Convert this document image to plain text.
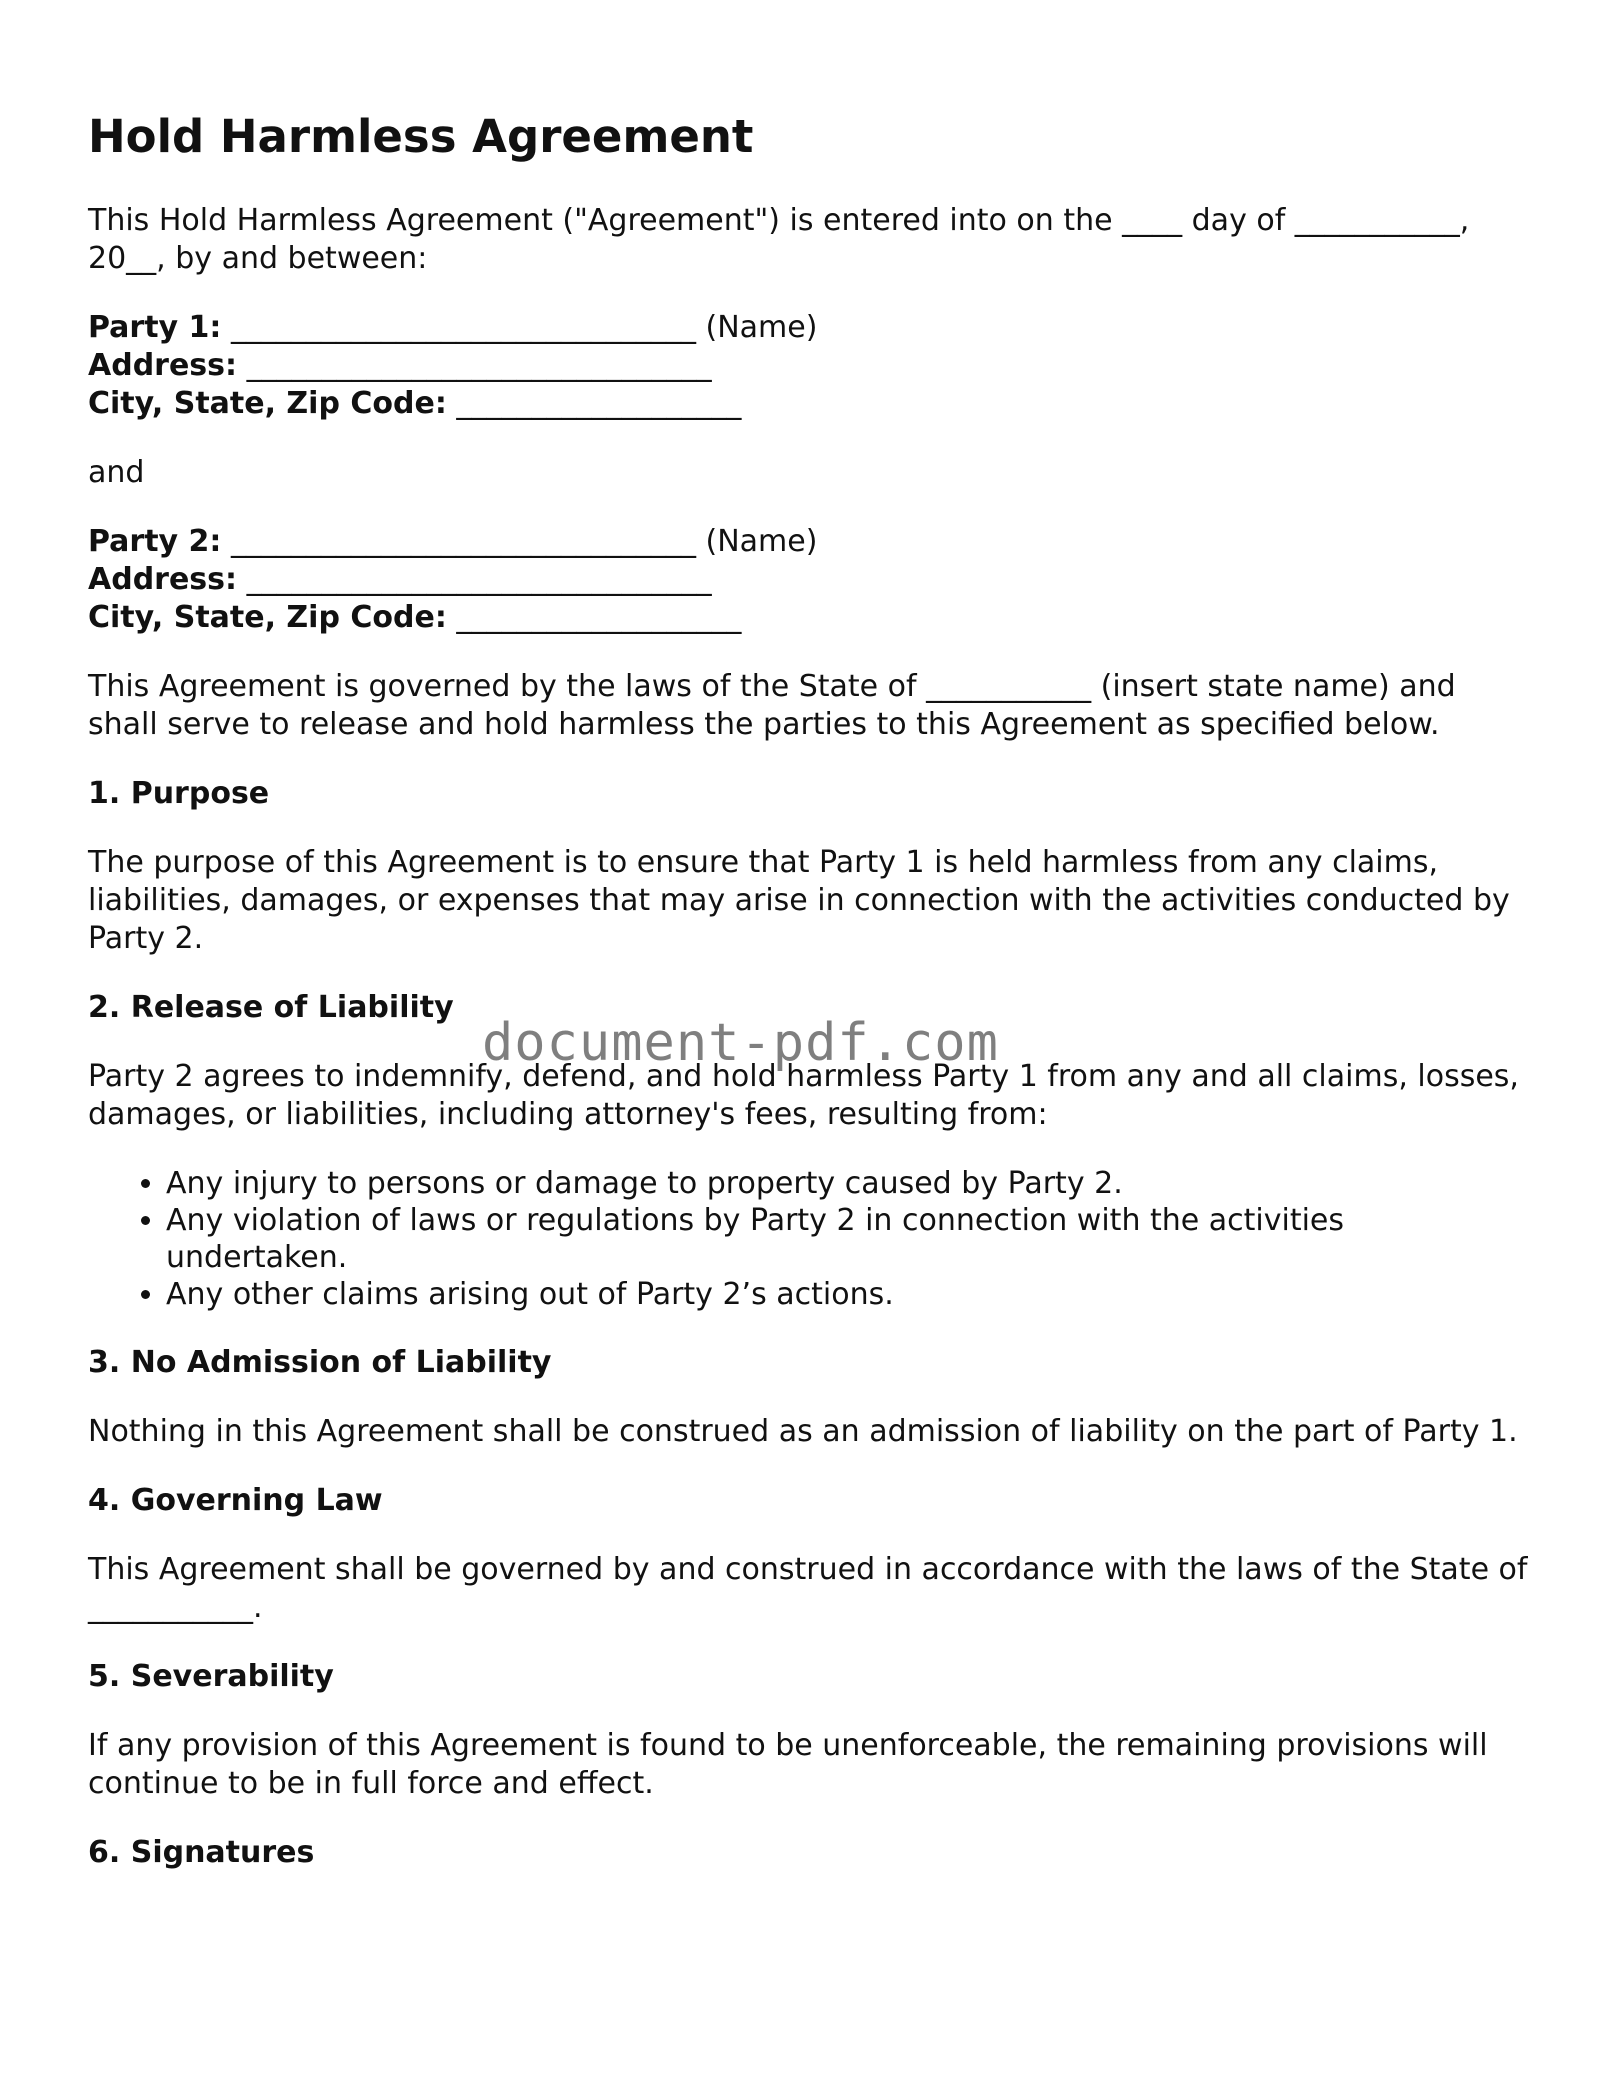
Hold Harmless Agreement

This Hold Harmless Agreement ("Agreement") is entered into on the ____ day of ___________, 20__, by and between:

Party 1: _______________________________ (Name)
Address: _______________________________
City, State, Zip Code: ___________________

and

Party 2: _______________________________ (Name)
Address: _______________________________
City, State, Zip Code: ___________________

This Agreement is governed by the laws of the State of ___________ (insert state name) and shall serve to release and hold harmless the parties to this Agreement as specified below.

1. Purpose

The purpose of this Agreement is to ensure that Party 1 is held harmless from any claims, liabilities, damages, or expenses that may arise in connection with the activities conducted by Party 2.

2. Release of Liability

Party 2 agrees to indemnify, defend, and hold harmless Party 1 from any and all claims, losses, damages, or liabilities, including attorney's fees, resulting from:

• Any injury to persons or damage to property caused by Party 2.
• Any violation of laws or regulations by Party 2 in connection with the activities undertaken.
• Any other claims arising out of Party 2’s actions.
3. No Admission of Liability

Nothing in this Agreement shall be construed as an admission of liability on the part of Party 1.

4. Governing Law

This Agreement shall be governed by and construed in accordance with the laws of the State of ___________.

5. Severability

If any provision of this Agreement is found to be unenforceable, the remaining provisions will continue to be in full force and effect.

6. Signatures
document-pdf.com
